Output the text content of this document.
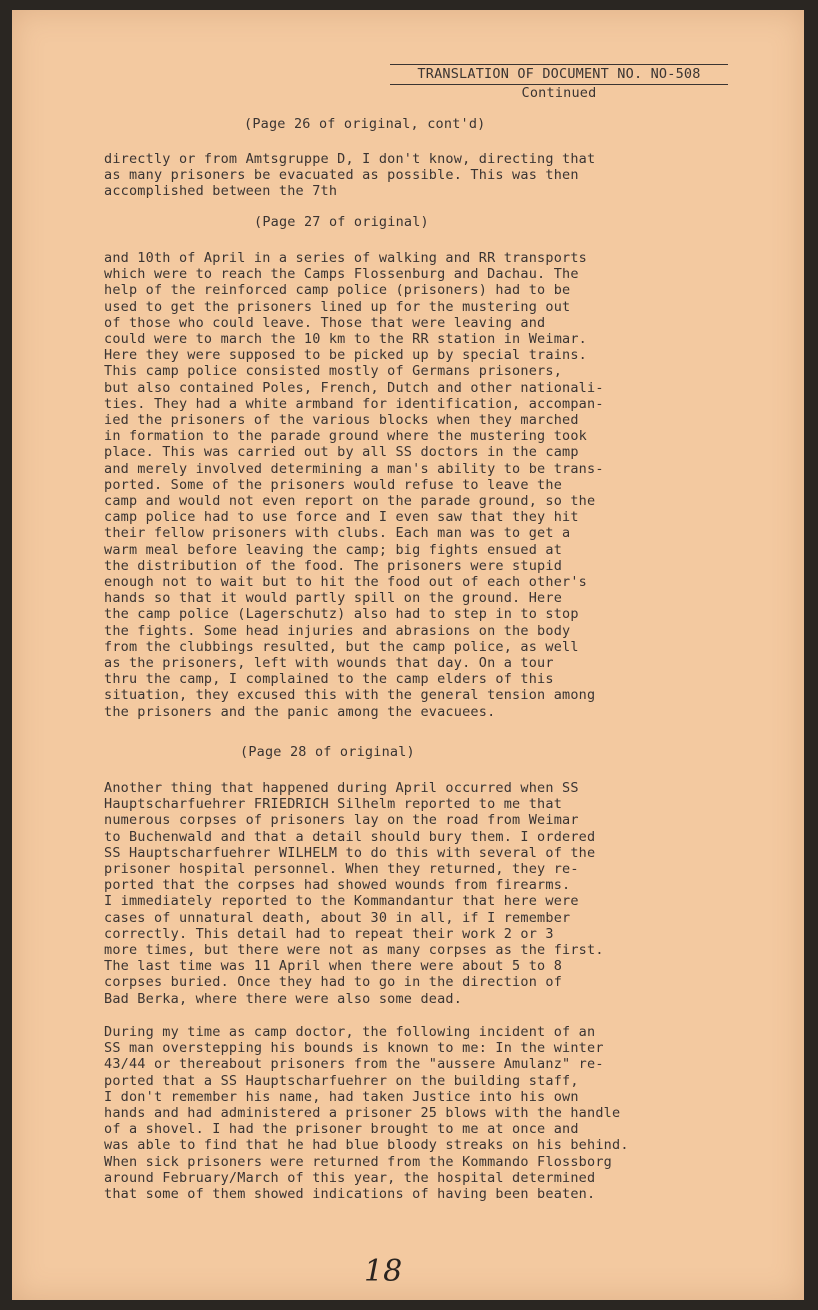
TRANSLATION OF DOCUMENT NO. NO-508
Continued
(Page 26 of original, cont'd)
directly or from Amtsgruppe D, I don't know, directing that
as many prisoners be evacuated as possible. This was then
accomplished between the 7th
(Page 27 of original)
and 10th of April in a series of walking and RR transports
which were to reach the Camps Flossenburg and Dachau. The
help of the reinforced camp police (prisoners) had to be
used to get the prisoners lined up for the mustering out
of those who could leave. Those that were leaving and
could were to march the 10 km to the RR station in Weimar.
Here they were supposed to be picked up by special trains.
This camp police consisted mostly of Germans prisoners,
but also contained Poles, French, Dutch and other nationali-
ties. They had a white armband for identification, accompan-
ied the prisoners of the various blocks when they marched
in formation to the parade ground where the mustering took
place. This was carried out by all SS doctors in the camp
and merely involved determining a man's ability to be trans-
ported. Some of the prisoners would refuse to leave the
camp and would not even report on the parade ground, so the
camp police had to use force and I even saw that they hit
their fellow prisoners with clubs. Each man was to get a
warm meal before leaving the camp; big fights ensued at
the distribution of the food. The prisoners were stupid
enough not to wait but to hit the food out of each other's
hands so that it would partly spill on the ground. Here
the camp police (Lagerschutz) also had to step in to stop
the fights. Some head injuries and abrasions on the body
from the clubbings resulted, but the camp police, as well
as the prisoners, left with wounds that day. On a tour
thru the camp, I complained to the camp elders of this
situation, they excused this with the general tension among
the prisoners and the panic among the evacuees.
(Page 28 of original)
Another thing that happened during April occurred when SS
Hauptscharfuehrer FRIEDRICH Silhelm reported to me that
numerous corpses of prisoners lay on the road from Weimar
to Buchenwald and that a detail should bury them. I ordered
SS Hauptscharfuehrer WILHELM to do this with several of the
prisoner hospital personnel. When they returned, they re-
ported that the corpses had showed wounds from firearms.
I immediately reported to the Kommandantur that here were
cases of unnatural death, about 30 in all, if I remember
correctly. This detail had to repeat their work 2 or 3
more times, but there were not as many corpses as the first.
The last time was 11 April when there were about 5 to 8
corpses buried. Once they had to go in the direction of
Bad Berka, where there were also some dead.
During my time as camp doctor, the following incident of an
SS man overstepping his bounds is known to me: In the winter
43/44 or thereabout prisoners from the "aussere Amulanz" re-
ported that a SS Hauptscharfuehrer on the building staff,
I don't remember his name, had taken Justice into his own
hands and had administered a prisoner 25 blows with the handle
of a shovel. I had the prisoner brought to me at once and
was able to find that he had blue bloody streaks on his behind.
When sick prisoners were returned from the Kommando Flossborg
around February/March of this year, the hospital determined
that some of them showed indications of having been beaten.
18
